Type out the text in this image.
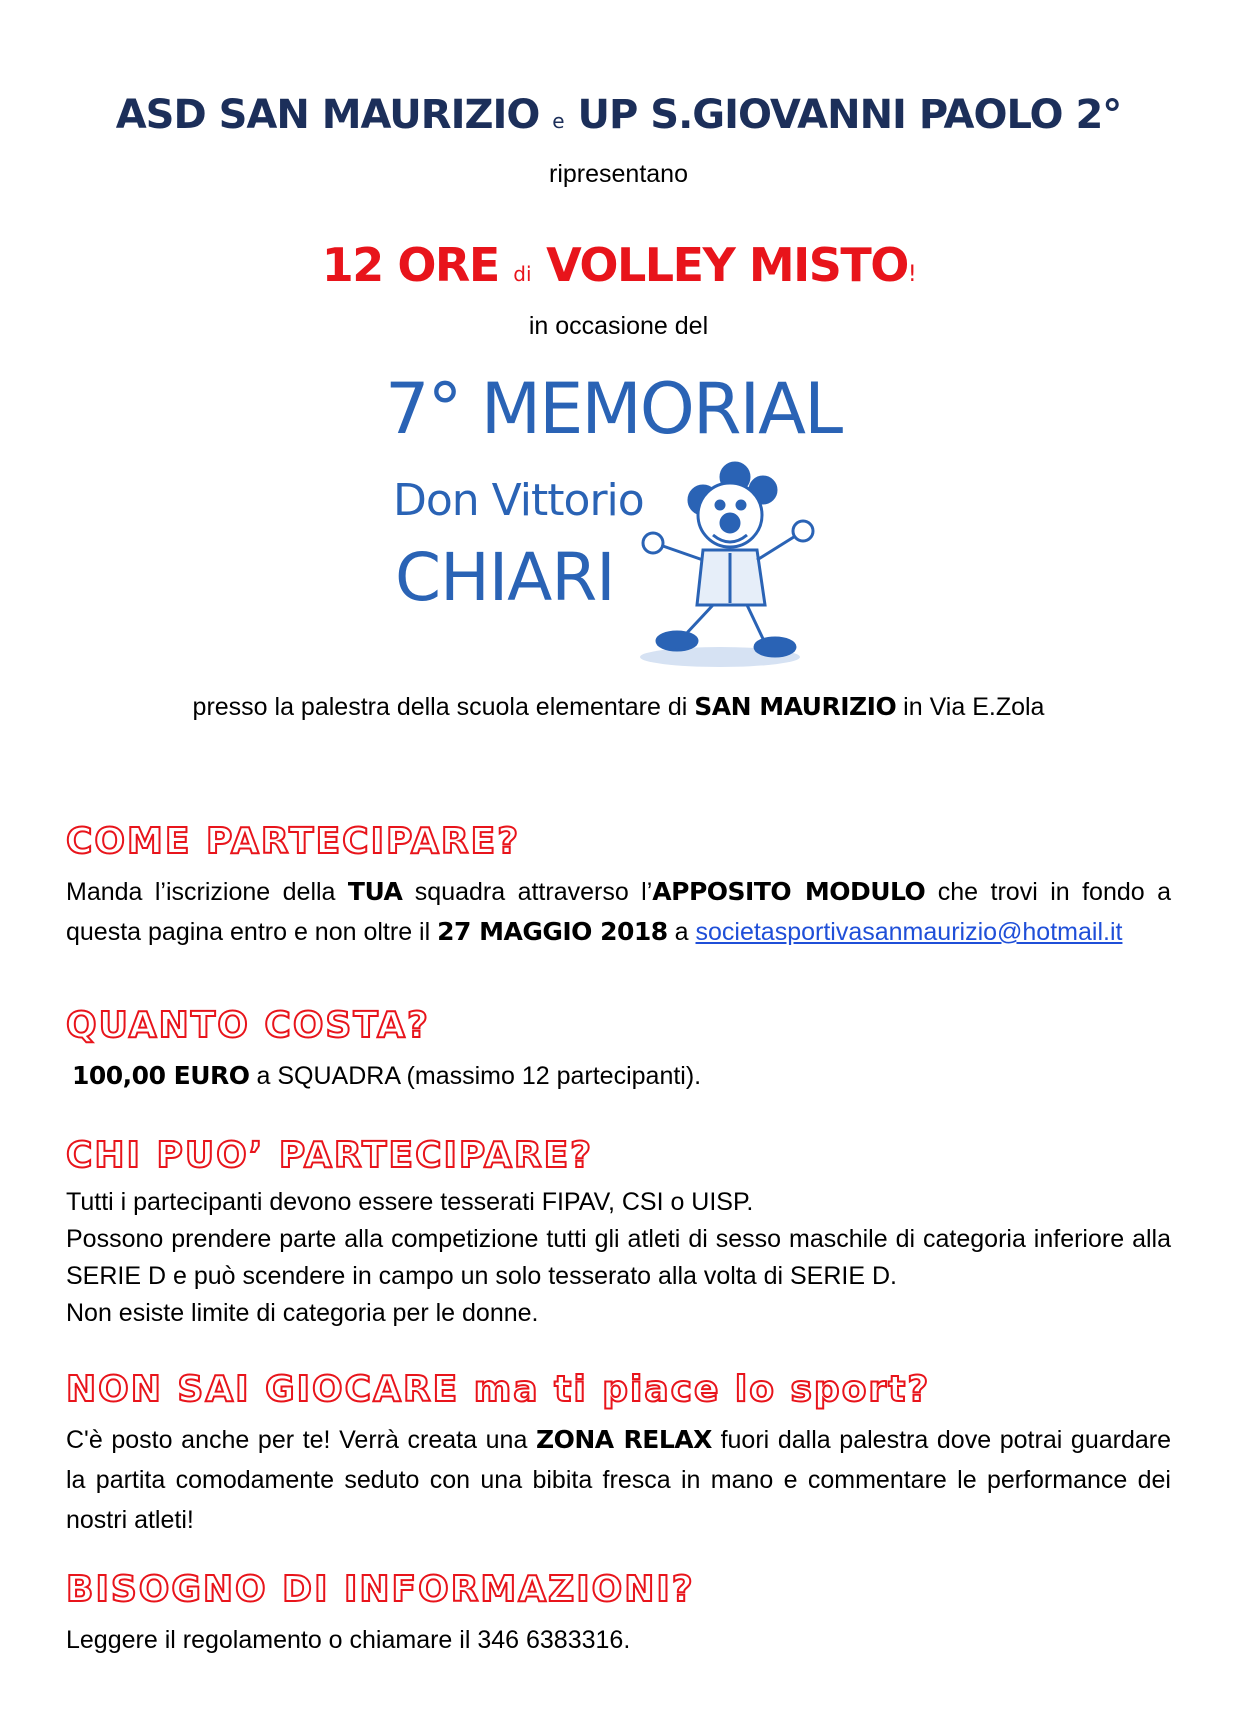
ASD SAN MAURIZIO e UP S.GIOVANNI PAOLO 2°
ripresentano
12 ORE di VOLLEY MISTO!
in occasione del
7° MEMORIAL
Don Vittorio
CHIARI
presso la palestra della scuola elementare di SAN MAURIZIO in Via E.Zola
COME PARTECIPARE?
Manda l’iscrizione della TUA squadra attraverso l’APPOSITO MODULO che trovi in fondo a questa pagina entro e non oltre il 27 MAGGIO 2018 a societasportivasanmaurizio@hotmail.it
QUANTO COSTA?
100,00 EURO a SQUADRA (massimo 12 partecipanti).
CHI PUO’ PARTECIPARE?
Tutti i partecipanti devono essere tesserati FIPAV, CSI o UISP.
Possono prendere parte alla competizione tutti gli atleti di sesso maschile di categoria inferiore alla SERIE D e può scendere in campo un solo tesserato alla volta di SERIE D.
Non esiste limite di categoria per le donne.
NON SAI GIOCARE ma ti piace lo sport?
C'è posto anche per te! Verrà creata una ZONA RELAX fuori dalla palestra dove potrai guardare la partita comodamente seduto con una bibita fresca in mano e commentare le performance dei nostri atleti!
BISOGNO DI INFORMAZIONI?
Leggere il regolamento o chiamare il 346 6383316.
